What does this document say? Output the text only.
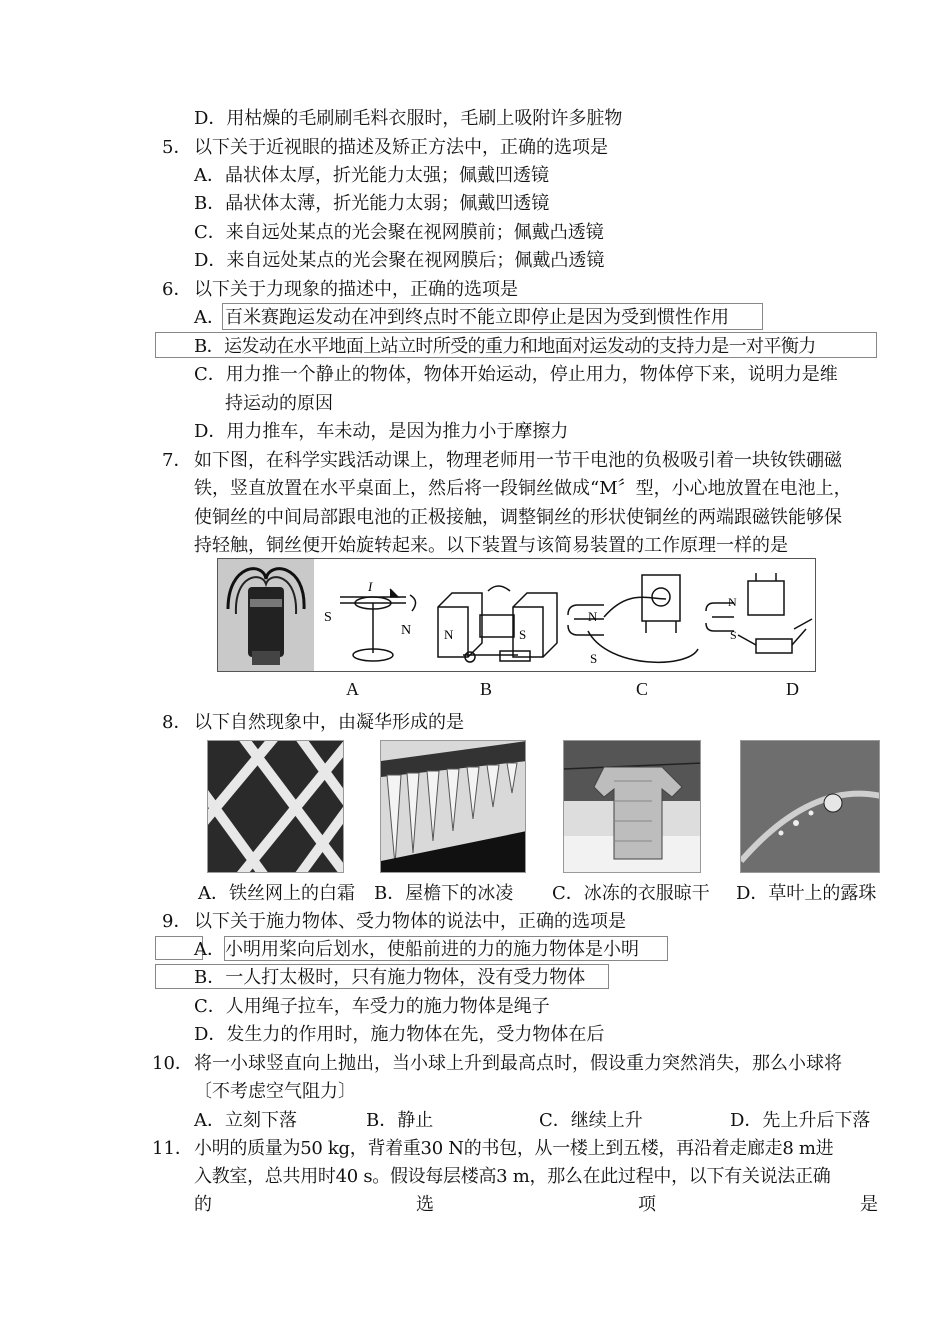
D．用枯燥的毛刷刷毛料衣服时，毛刷上吸附许多脏物
5． 以下关于近视眼的描述及矫正方法中，正确的选项是
A．晶状体太厚，折光能力太强；佩戴凹透镜
B．晶状体太薄，折光能力太弱；佩戴凹透镜
C．来自远处某点的光会聚在视网膜前；佩戴凸透镜
D．来自远处某点的光会聚在视网膜后；佩戴凸透镜
6． 以下关于力现象的描述中，正确的选项是
A．百米赛跑运发动在冲到终点时不能立即停止是因为受到惯性作用
B．运发动在水平地面上站立时所受的重力和地面对运发动的支持力是一对平衡力
C．用力推一个静止的物体，物体开始运动，停止用力，物体停下来，说明力是维
持运动的原因
D．用力推车，车未动，是因为推力小于摩擦力
7． 如下图，在科学实践活动课上，物理老师用一节干电池的负极吸引着一块钕铁硼磁
铁，竖直放置在水平桌面上，然后将一段铜丝做成“M〞型，小心地放置在电池上，
使铜丝的中间局部跟电池的正极接触，调整铜丝的形状使铜丝的两端跟磁铁能够保
持轻触，铜丝便开始旋转起来。以下装置与该简易装置的工作原理一样的是
S
N
I
N	S
N
S
N
S
A	B	C	D
8． 以下自然现象中，由凝华形成的是
A．铁丝网上的白霜 B．屋檐下的冰凌 C．冰冻的衣服晾干 D．草叶上的露珠
9． 以下关于施力物体、受力物体的说法中，正确的选项是
A．小明用桨向后划水，使船前进的力的施力物体是小明
B．一人打太极时，只有施力物体，没有受力物体
C．人用绳子拉车，车受力的施力物体是绳子
D．发生力的作用时，施力物体在先，受力物体在后
10． 将一小球竖直向上抛出，当小球上升到最高点时，假设重力突然消失，那么小球将
〔不考虑空气阻力〕
A．立刻下落	B．静止	C．继续上升	D．先上升后下落
11． 小明的质量为50 kg，背着重30 N的书包，从一楼上到五楼，再沿着走廊走8 m进
入教室，总共用时40 s。假设每层楼高3 m，那么在此过程中，以下有关说法正确
的	选	项	是
